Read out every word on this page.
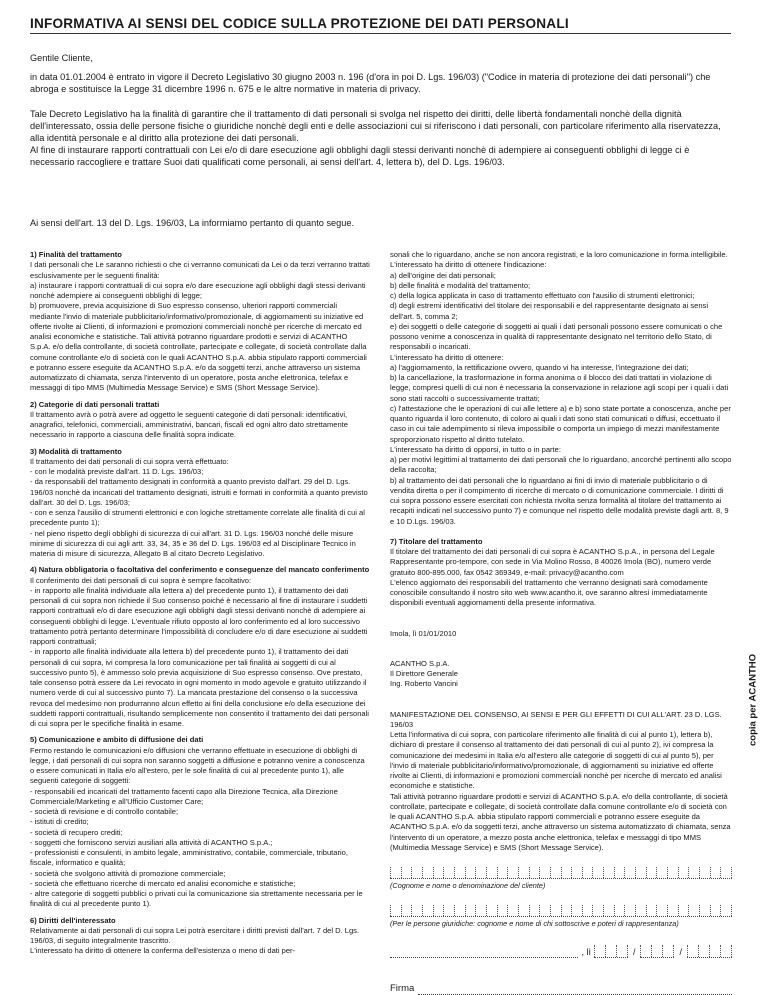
INFORMATIVA AI SENSI DEL CODICE SULLA PROTEZIONE DEI DATI PERSONALI

Gentile Cliente,

in data 01.01.2004 è entrato in vigore il Decreto Legislativo 30 giugno 2003 n. 196 (d'ora in poi D. Lgs. 196/03) ("Codice in materia di protezione dei dati personali") che abroga e sostituisce la Legge 31 dicembre 1996 n. 675 e le altre normative in materia di privacy.

Tale Decreto Legislativo ha la finalità di garantire che il trattamento di dati personali si svolga nel rispetto dei diritti, delle libertà fondamentali nonchè della dignità dell'interessato, ossia delle persone fisiche o giuridiche nonchè degli enti e delle associazioni cui si riferiscono i dati personali, con particolare riferimento alla riservatezza, alla identità personale e al diritto alla protezione dei dati personali.

Al fine di instaurare rapporti contrattuali con Lei e/o di dare esecuzione agli obblighi dagli stessi derivanti nonchè di adempiere ai conseguenti obblighi di legge ci è necessario raccogliere e trattare Suoi dati qualificati come personali, ai sensi dell'art. 4, lettera b), del D. Lgs. 196/03.

Ai sensi dell'art. 13 del D. Lgs. 196/03, La informiamo pertanto di quanto segue.

1) Finalità del trattamento
I dati personali che Le saranno richiesti o che ci verranno comunicati da Lei o da terzi verranno trattati esclusivamente per le seguenti finalità:
a) instaurare i rapporti contrattuali di cui sopra e/o dare esecuzione agli obblighi dagli stessi derivanti nonchè adempiere ai conseguenti obblighi di legge;
b) promuovere, previa acquisizione di Suo espresso consenso, ulteriori rapporti commerciali mediante l'invio di materiale pubblicitario/informativo/promozionale, di aggiornamenti su iniziative ed offerte rivolte ai Clienti, di informazioni e promozioni commerciali nonchè per ricerche di mercato ed analisi economiche e statistiche. Tali attività potranno riguardare prodotti e servizi di ACANTHO S.p.A. e/o della controllante, di società controllate, partecipate e collegate, di società controllate dalla comune controllante e/o di società con le quali ACANTHO S.p.A. abbia stipulato rapporti commerciali e potranno essere eseguite da ACANTHO S.p.A. e/o da soggetti terzi, anche attraverso un sistema automatizzato di chiamata, senza l'intervento di un operatore, posta anche elettronica, telefax e messaggi di tipo MMS (Multimedia Message Service) e SMS (Short Message Service).
2) Categorie di dati personali trattati
Il trattamento avrà o potrà avere ad oggetto le seguenti categorie di dati personali: identificativi, anagrafici, telefonici, commerciali, amministrativi, bancari, fiscali ed ogni altro dato strettamente necessario in rapporto a ciascuna delle finalità sopra indicate.
3) Modalità di trattamento
Il trattamento dei dati personali di cui sopra verrà effettuato:
- con le modalità previste dall'art. 11 D. Lgs. 196/03;
- da responsabili del trattamento designati in conformità a quanto previsto dall'art. 29 del D. Lgs. 196/03 nonchè da incaricati del trattamento designati, istruiti e formati in conformità a quanto previsto dall'art. 30 del D. Lgs. 196/03;
- con e senza l'ausilio di strumenti elettronici e con logiche strettamente correlate alle finalità di cui al precedente punto 1);
- nel pieno rispetto degli obblighi di sicurezza di cui all'art. 31 D. Lgs. 196/03 nonché delle misure minime di sicurezza di cui agli artt. 33, 34, 35 e 36 del D. Lgs. 196/03 ed al Disciplinare Tecnico in materia di misure di sicurezza, Allegato B al citato Decreto Legislativo.
4) Natura obbligatoria o facoltativa del conferimento e conseguenze del mancato conferimento
Il conferimento dei dati personali di cui sopra è sempre facoltativo:
- in rapporto alle finalità individuate alla lettera a) del precedente punto 1), il trattamento dei dati personali di cui sopra non richiede il Suo consenso poiché è necessario al fine di instaurare i suddetti rapporti contrattuali e/o di dare esecuzione agli obblighi dagli stessi derivanti nonchè di adempiere ai conseguenti obblighi di legge. L'eventuale rifiuto opposto al loro conferimento ed al loro successivo trattamento potrà pertanto determinare l'impossibilità di concludere e/o di dare esecuzione ai suddetti rapporti contrattuali;
- in rapporto alle finalità individuate alla lettera b) del precedente punto 1), il trattamento dei dati personali di cui sopra, ivi compresa la loro comunicazione per tali finalità ai soggetti di cui al successivo punto 5), è ammesso solo previa acquisizione di Suo espresso consenso. Ove prestato, tale consenso potrà essere da Lei revocato in ogni momento in modo agevole e gratuito utilizzando il numero verde di cui al successivo punto 7). La mancata prestazione del consenso o la successiva revoca del medesimo non produrranno alcun effetto ai fini della conclusione e/o della esecuzione dei suddetti rapporti contrattuali, risultando semplicemente non consentito il trattamento dei dati personali di cui sopra per le specifiche finalità in esame.
5) Comunicazione e ambito di diffusione dei dati
Fermo restando le comunicazioni e/o diffusioni che verranno effettuate in esecuzione di obblighi di legge, i dati personali di cui sopra non saranno soggetti a diffusione e potranno venire a conoscenza o essere comunicati in Italia e/o all'estero, per le sole finalità di cui al precedente punto 1), alle seguenti categorie di soggetti:
- responsabili ed incaricati del trattamento facenti capo alla Direzione Tecnica, alla Direzione Commerciale/Marketing e all'Ufficio Customer Care;
- società di revisione e di controllo contabile;
- istituti di credito;
- società di recupero crediti;
- soggetti che forniscono servizi ausiliari alla attività di ACANTHO S.p.A.;
- professionisti e consulenti, in ambito legale, amministrativo, contabile, commerciale, tributario, fiscale, informatico e qualità;
- società che svolgono attività di promozione commerciale;
- società che effettuano ricerche di mercato ed analisi economiche e statistiche;
- altre categorie di soggetti pubblici o privati cui la comunicazione sia strettamente necessaria per le finalità di cui al precedente punto 1).
6) Diritti dell'interessato
Relativamente ai dati personali di cui sopra Lei potrà esercitare i diritti previsti dall'art. 7 del D. Lgs. 196/03, di seguito integralmente trascritto.
L'interessato ha diritto di ottenere la conferma dell'esistenza o meno di dati per-
sonali che lo riguardano, anche se non ancora registrati, e la loro comunicazione in forma intelligibile.
L'interessato ha diritto di ottenere l'indicazione:
a) dell'origine dei dati personali;
b) delle finalità e modalità del trattamento;
c) della logica applicata in caso di trattamento effettuato con l'ausilio di strumenti elettronici;
d) degli estremi identificativi del titolare dei responsabili e del rappresentante designato ai sensi dell'art. 5, comma 2;
e) dei soggetti o delle categorie di soggetti ai quali i dati personali possono essere comunicati o che possono venirne a conoscenza in qualità di rappresentante designato nel territorio dello Stato, di responsabili o incaricati.
L'interessato ha diritto di ottenere:
a) l'aggiornamento, la rettificazione ovvero, quando vi ha interesse, l'integrazione dei dati;
b) la cancellazione, la trasformazione in forma anonima o il blocco dei dati trattati in violazione di legge, compresi quelli di cui non è necessaria la conservazione in relazione agli scopi per i quali i dati sono stati raccolti o successivamente trattati;
c) l'attestazione che le operazioni di cui alle lettere a) e b) sono state portate a conoscenza, anche per quanto riguarda il loro contenuto, di coloro ai quali i dati sono stati comunicati o diffusi, eccettuato il caso in cui tale adempimento si rileva impossibile o comporta un impiego di mezzi manifestamente sproporzionato rispetto al diritto tutelato.
L'interessato ha diritto di opporsi, in tutto o in parte:
a) per motivi legittimi al trattamento dei dati personali che lo riguardano, ancorché pertinenti allo scopo della raccolta;
b) al trattamento dei dati personali che lo riguardano ai fini di invio di materiale pubblicitario o di vendita diretta o per il compimento di ricerche di mercato o di comunicazione commerciale. I diritti di cui sopra possono essere esercitati con richiesta rivolta senza formalità al titolare del trattamento ai recapiti indicati nel successivo punto 7) e comunque nel rispetto delle modalità previste dagli artt. 8, 9 e 10 D.Lgs. 196/03.
7) Titolare del trattamento
Il titolare del trattamento dei dati personali di cui sopra è ACANTHO S.p.A., in persona del Legale Rappresentante pro-tempore, con sede in Via Molino Rosso, 8 40026 Imola (BO), numero verde gratuito 800-895.000, fax 0542 369349, e-mail: privacy@acantho.com
L'elenco aggiornato dei responsabili del trattamento che verranno designati sarà comodamente conoscibile consultando il nostro sito web www.acantho.it, ove saranno altresì immediatamente disponibili eventuali aggiornamenti della presente informativa.
Imola, lì 01/01/2010
ACANTHO S.p.A.
Il Direttore Generale
Ing. Roberto Vancini
MANIFESTAZIONE DEL CONSENSO, AI SENSI E PER GLI EFFETTI DI CUI ALL'ART. 23 D. LGS. 196/03
Letta l'informativa di cui sopra, con particolare riferimento alle finalità di cui al punto 1), lettera b), dichiaro di prestare il consenso al trattamento dei dati personali di cui al punto 2), ivi compresa la comunicazione dei medesimi in Italia e/o all'estero alle categorie di soggetti di cui al punto 5), per l'invio di materiale pubblicitario/informativo/promozionale, di aggiornamenti su iniziative ed offerte rivolte ai Clienti, di informazioni e promozioni commerciali nonchè per ricerche di mercato ed analisi economiche e statistiche.
Tali attività potranno riguardare prodotti e servizi di ACANTHO S.p.A. e/o della controllante, di società controllate, partecipate e collegate, di società controllate dalla comune controllante e/o di società con le quali ACANTHO S.p.A. abbia stipulato rapporti commerciali e potranno essere eseguite da ACANTHO S.p.A. e/o da soggetti terzi, anche attraverso un sistema automatizzato di chiamata, senza l'intervento di un operatore, a mezzo posta anche elettronica, telefax e messaggi di tipo MMS (Multimedia Message Service) e SMS (Short Message Service).
(Cognome e nome o denominazione del cliente)
(Per le persone giuridiche: cognome e nome di chi sottoscrive e poteri di rappresentanza)
, lì	/	/
Firma
copia per ACANTHO
